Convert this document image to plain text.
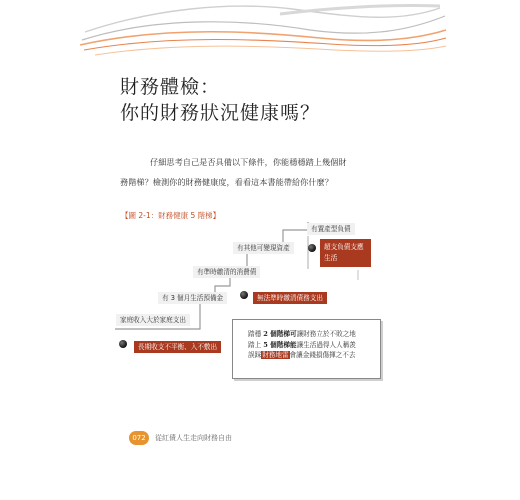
財務體檢：
你的財務狀況健康嗎？

仔細思考自己是否具備以下條件，你能穩穩踏上幾個財

務階梯？檢測你的財務健康度，看看這本書能帶給你什麼？

【圖 2-1：財務健康 5 階梯】
有置產型負債
有其他可變現資產
有準時繳清的消費債
有 3 個月生活預備金
家庭收入大於家庭支出
超支負債支應生活
無法準時繳清債務支出
長期收支不平衡、入不敷出

踏穩 2 個階梯可讓財務立於不敗之地

踏上 5 個階梯能讓生活過得人人稱羨

誤踩財務地雷會讓金錢損傷揮之不去

072	從紅債人生走向財務自由
